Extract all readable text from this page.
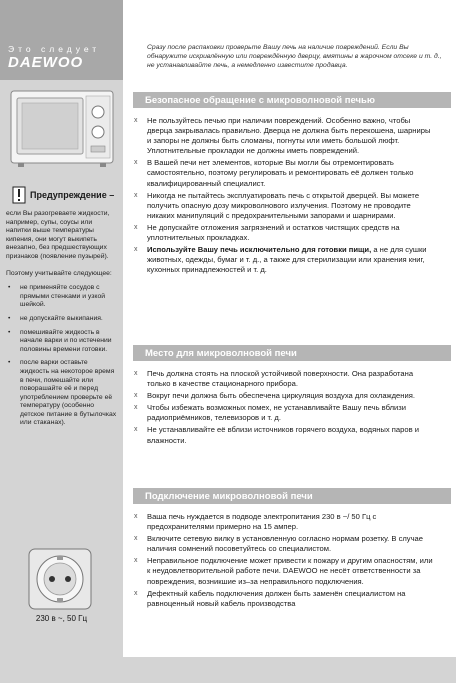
Это следует
DAEWOO
Предупреждение –
если Вы разогреваете жидкости, например, супы, соусы или напитки выше температуры кипения, они могут выкипеть внезапно, без предшествующих признаков (появление пузырей).
Поэтому учитывайте следующее:
• не применяйте сосудов с прямыми стенками и узкой шейкой.
• не допускайте выкипания.
• помешивайте жидкость в начале варки и по истечении половины времени готовки.
• после варки оставьте жидкость на некоторое время в печи, помешайте или поворашайте её и перед употреблением проверьте её температуру (особенно детское питание в бутылочках или стаканах).
230 в ~, 50 Гц
Сразу после распаковки проверьте Вашу печь на наличие повреждений. Если Вы обнаружите искривлённую или повреждённую дверцу, вмятины в жарочном отсеке и т. д., не устанавливайте печь, а немедленно известите продавца.
Безопасное обращение с микроволновой печью
x Не пользуйтесь печью при наличии повреждений. Особенно важно, чтобы дверца закрывалась правильно. Дверца не должна быть перекошена, шарниры и запоры не должны быть сломаны, погнуты или иметь большой люфт. Уплотнительные прокладки не должны иметь повреждений.
x В Вашей печи нет элементов, которые Вы могли бы отремонтировать самостоятельно, поэтому регулировать и ремонтировать её должен только квалифицированный специалист.
x Никогда не пытайтесь эксплуатировать печь с открытой дверцей. Вы можете получить опасную дозу микроволнового излучения. Поэтому не проводите никаких манипуляций с предохранительными запорами и шарнирами.
x Не допускайте отложения загрязнений и остатков чистящих средств на уплотнительных прокладках.
x Используйте Вашу печь исключительно для готовки пищи, а не для сушки животных, одежды, бумаг и т. д., а также для стерилизации или хранения книг, кухонных принадлежностей и т. д.
Место для микроволновой печи
x Печь должна стоять на плоской устойчивой поверхности. Она разработана только в качестве стационарного прибора.
x Вокруг печи должна быть обеспечена циркуляция воздуха для охлаждения.
x Чтобы избежать возможных помех, не устанавливайте Вашу печь вблизи радиоприёмников, телевизоров и т. д.
x Не устанавливайте её вблизи источников горячего воздуха, водяных паров и влажности.
Подключение микроволновой печи
x Ваша печь нуждается в подводе электропитания 230 в ~/ 50 Гц с предохранителями примерно на 15 ампер.
x Включите сетевую вилку в установленную согласно нормам розетку. В случае наличия сомнений посоветуйтесь со специалистом.
x Неправильное подключение может привести к пожару и другим опасностям, или к неудовлетворительной работе печи. DAEWOO не несёт ответственности за повреждения, возникшие из–за неправильного подключения.
x Дефектный кабель подключения должен быть заменён специалистом на равноценный новый кабель производства
